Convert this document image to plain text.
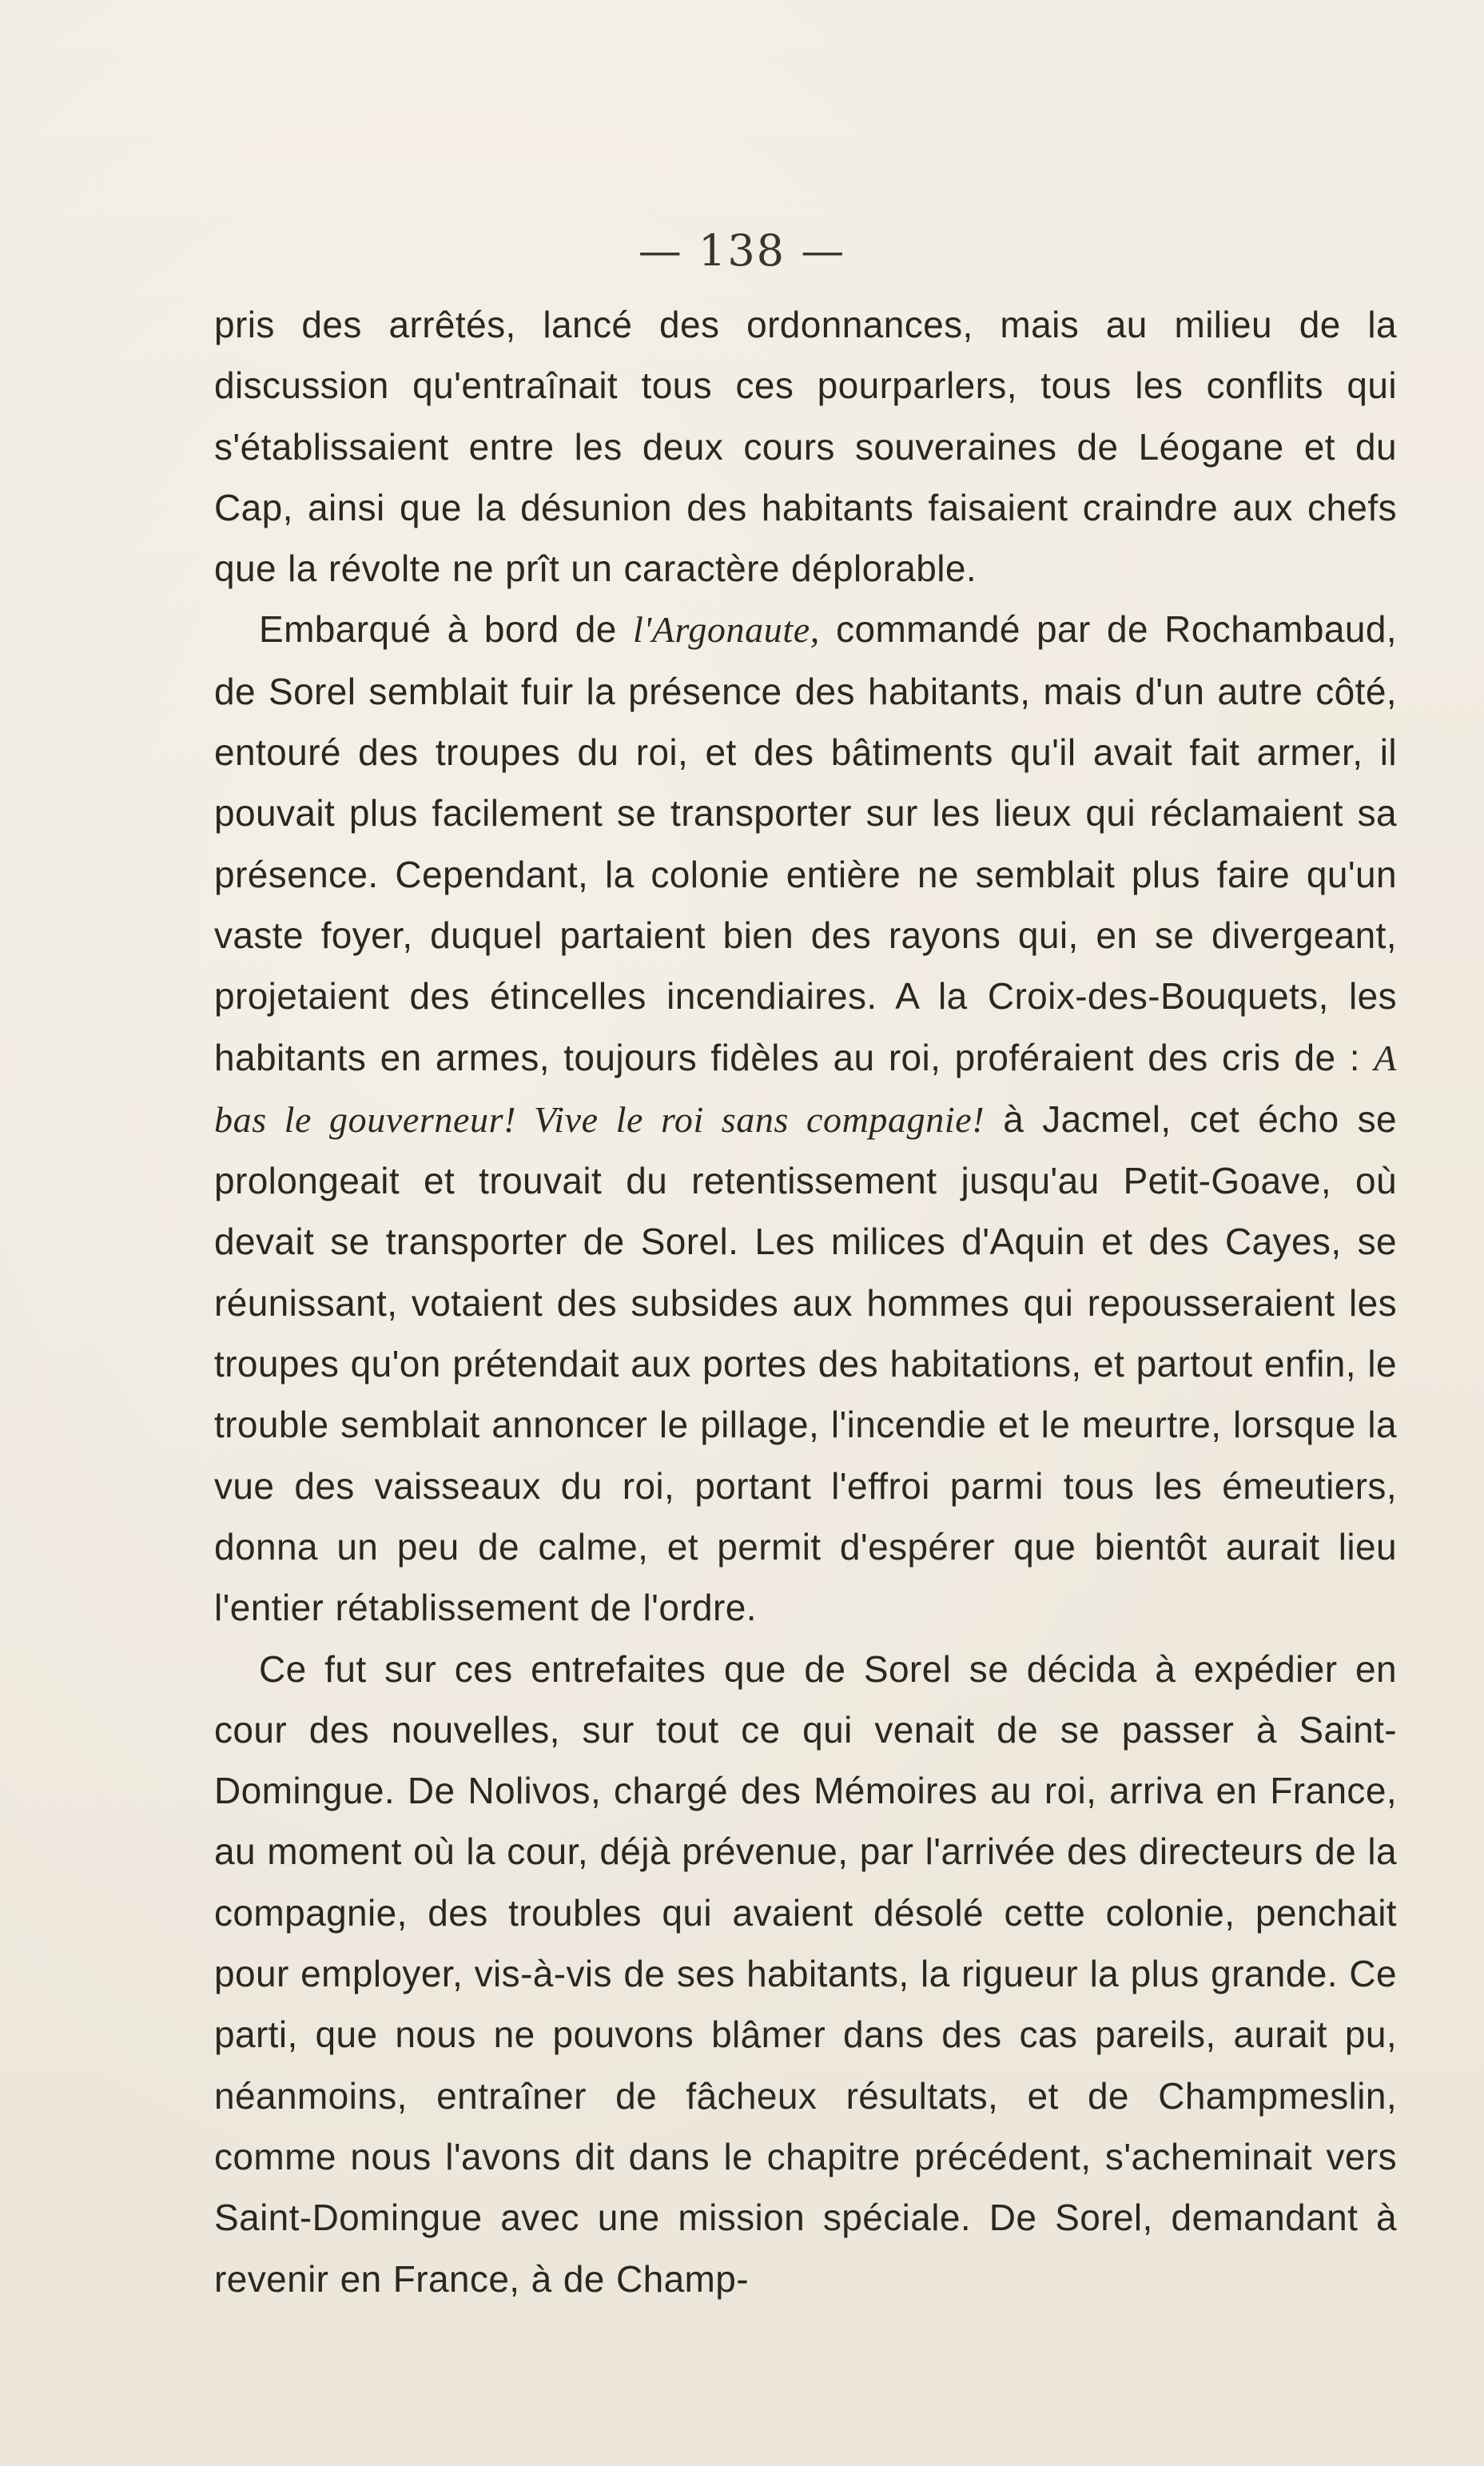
— 138 —

pris des arrêtés, lancé des ordonnances, mais au milieu de la discussion qu'entraînait tous ces pourparlers, tous les conflits qui s'établissaient entre les deux cours souveraines de Léogane et du Cap, ainsi que la désunion des habitants faisaient craindre aux chefs que la révolte ne prît un caractère déplorable.

Embarqué à bord de l'Argonaute, commandé par de Rochambaud, de Sorel semblait fuir la présence des habitants, mais d'un autre côté, entouré des troupes du roi, et des bâtiments qu'il avait fait armer, il pouvait plus facilement se transporter sur les lieux qui réclamaient sa présence. Cependant, la colonie entière ne semblait plus faire qu'un vaste foyer, duquel partaient bien des rayons qui, en se divergeant, projetaient des étincelles incendiaires. A la Croix-des-Bouquets, les habitants en armes, toujours fidèles au roi, proféraient des cris de : A bas le gouverneur! Vive le roi sans compagnie! à Jacmel, cet écho se prolongeait et trouvait du retentissement jusqu'au Petit-Goave, où devait se transporter de Sorel. Les milices d'Aquin et des Cayes, se réunissant, votaient des subsides aux hommes qui repousseraient les troupes qu'on prétendait aux portes des habitations, et partout enfin, le trouble semblait annoncer le pillage, l'incendie et le meurtre, lorsque la vue des vaisseaux du roi, portant l'effroi parmi tous les émeutiers, donna un peu de calme, et permit d'espérer que bientôt aurait lieu l'entier rétablissement de l'ordre.

Ce fut sur ces entrefaites que de Sorel se décida à expédier en cour des nouvelles, sur tout ce qui venait de se passer à Saint-Domingue. De Nolivos, chargé des Mémoires au roi, arriva en France, au moment où la cour, déjà prévenue, par l'arrivée des directeurs de la compagnie, des troubles qui avaient désolé cette colonie, penchait pour employer, vis-à-vis de ses habitants, la rigueur la plus grande. Ce parti, que nous ne pouvons blâmer dans des cas pareils, aurait pu, néanmoins, entraîner de fâcheux résultats, et de Champmeslin, comme nous l'avons dit dans le chapitre précédent, s'acheminait vers Saint-Domingue avec une mission spéciale. De Sorel, demandant à revenir en France, à de Champ-
